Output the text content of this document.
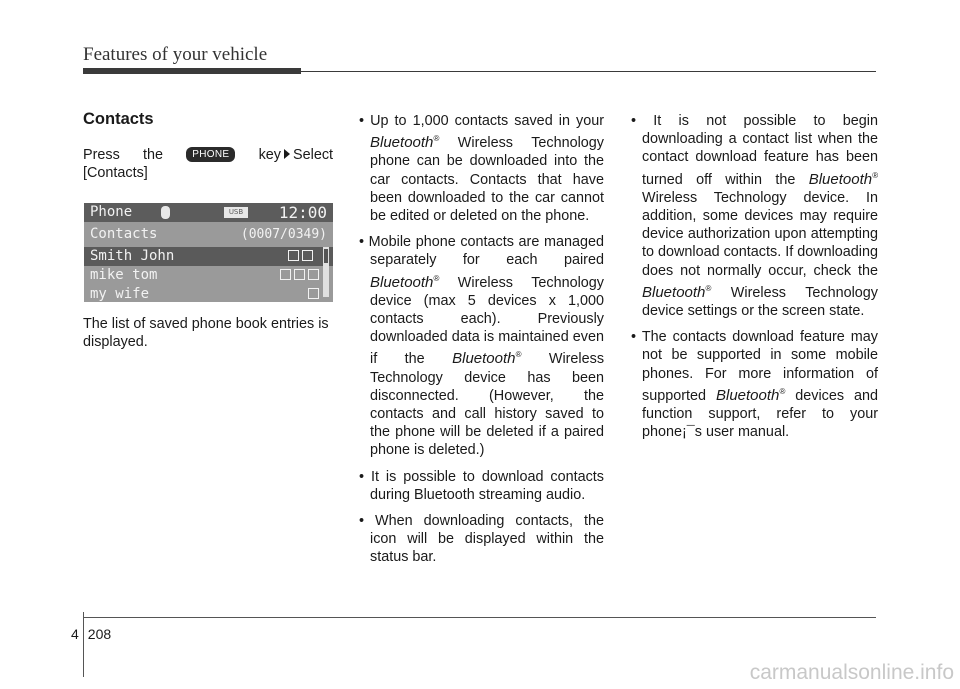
Features of your vehicle

Contacts

Press the	PHONE key Select [Contacts]

The list of saved phone book entries is displayed.

Phone	USB	12:00
Contacts	(0007/0349)
Smith John
mike tom
my wife
• Up to 1,000 contacts saved in your Bluetooth® Wireless Technology phone can be downloaded into the car contacts. Contacts that have been downloaded to the car cannot be edited or deleted on the phone.
• Mobile phone contacts are managed separately for each paired Bluetooth® Wireless Technology device (max 5 devices x 1,000 contacts each). Previously downloaded data is maintained even if the Bluetooth® Wireless Technology device has been disconnected. (However, the contacts and call history saved to the phone will be deleted if a paired phone is deleted.)
• It is possible to download contacts during Bluetooth streaming audio.
• When downloading contacts, the icon will be displayed within the status bar.
• It is not possible to begin downloading a contact list when the contact download feature has been turned off within the Bluetooth® Wireless Technology device. In addition, some devices may require device authorization upon attempting to download contacts. If downloading does not normally occur, check the Bluetooth® Wireless Technology device settings or the screen state.
• The contacts download feature may not be supported in some mobile phones. For more information of supported Bluetooth® devices and function support, refer to your phone¡¯s user manual.
4 208
carmanualsonline.info
